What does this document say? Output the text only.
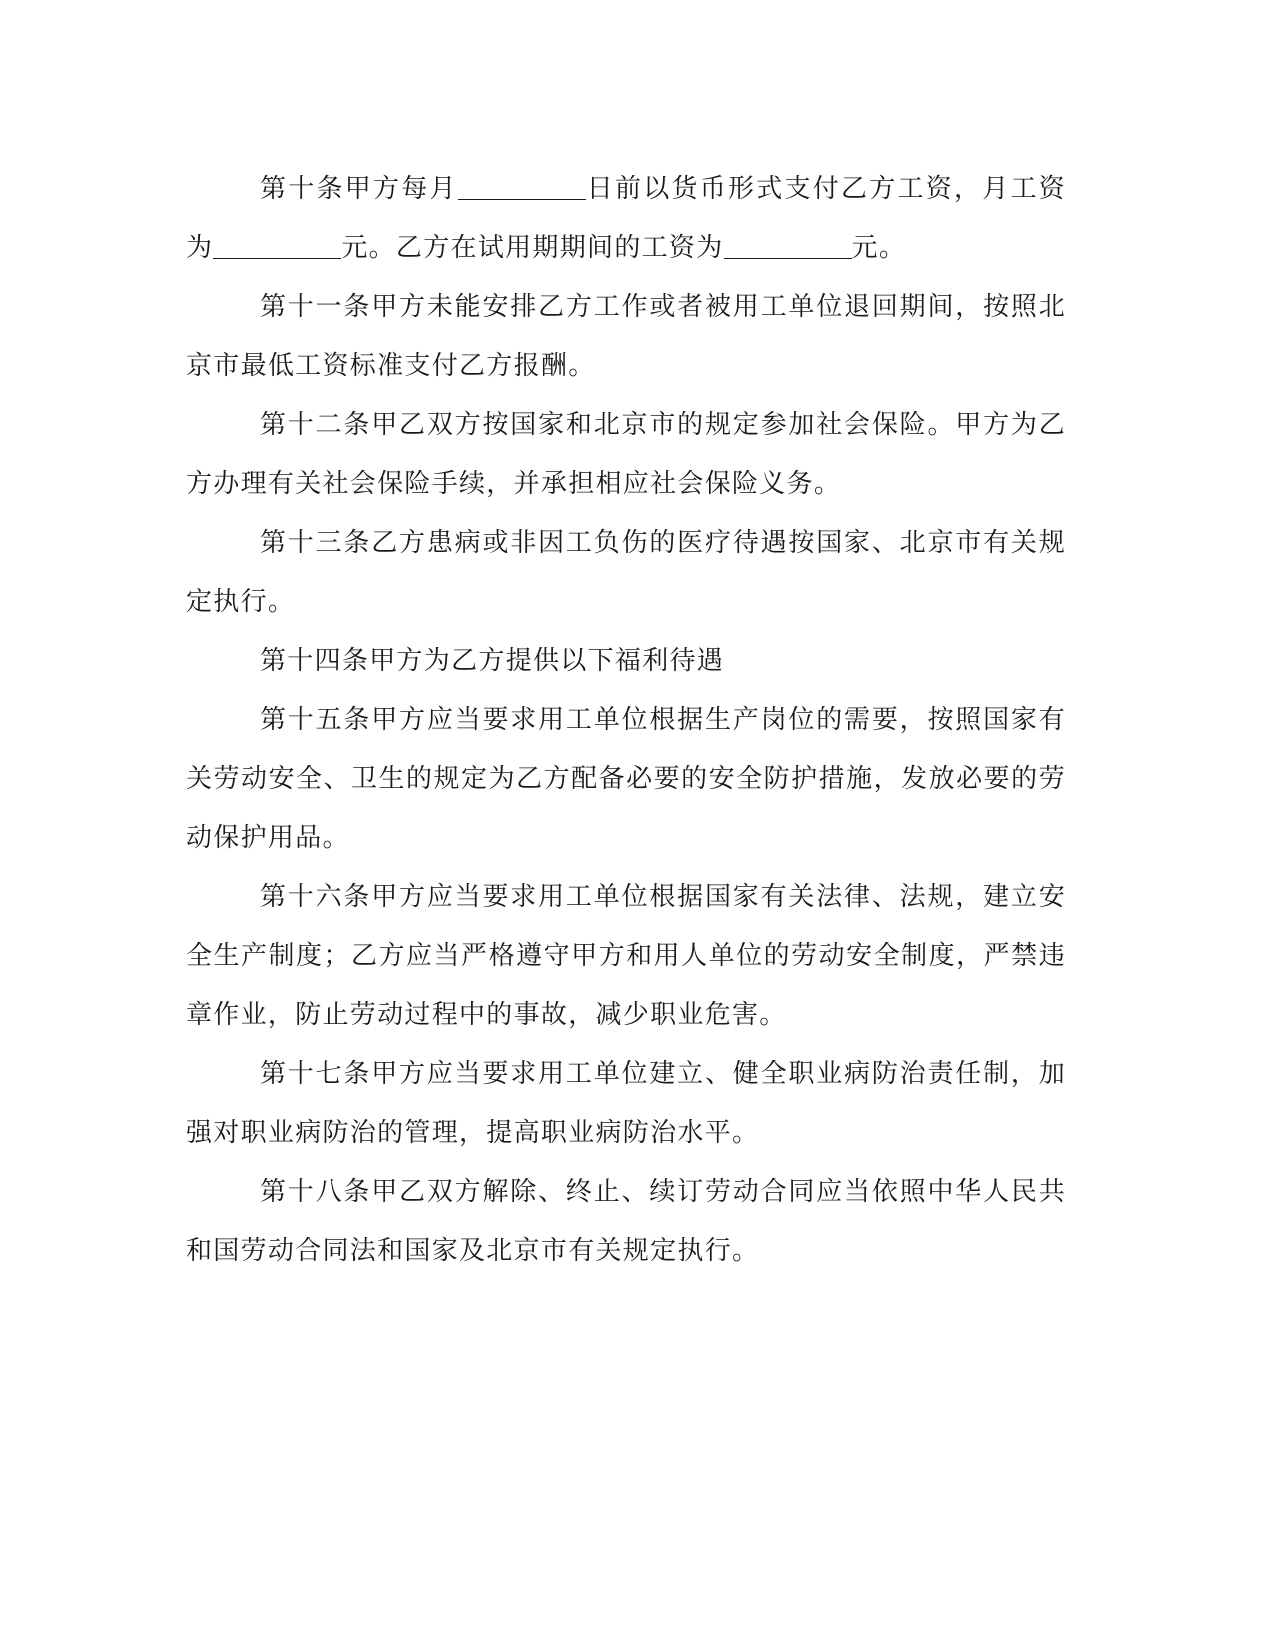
第十条甲方每月	日前以货币形式支付乙方工资，月工资为	元。乙方在试用期期间的工资为	元。

第十一条甲方未能安排乙方工作或者被用工单位退回期间，按照北京市最低工资标准支付乙方报酬。

第十二条甲乙双方按国家和北京市的规定参加社会保险。甲方为乙方办理有关社会保险手续，并承担相应社会保险义务。

第十三条乙方患病或非因工负伤的医疗待遇按国家、北京市有关规定执行。

第十四条甲方为乙方提供以下福利待遇

第十五条甲方应当要求用工单位根据生产岗位的需要，按照国家有关劳动安全、卫生的规定为乙方配备必要的安全防护措施，发放必要的劳动保护用品。

第十六条甲方应当要求用工单位根据国家有关法律、法规，建立安全生产制度；乙方应当严格遵守甲方和用人单位的劳动安全制度，严禁违章作业，防止劳动过程中的事故，减少职业危害。

第十七条甲方应当要求用工单位建立、健全职业病防治责任制，加强对职业病防治的管理，提高职业病防治水平。

第十八条甲乙双方解除、终止、续订劳动合同应当依照中华人民共和国劳动合同法和国家及北京市有关规定执行。
